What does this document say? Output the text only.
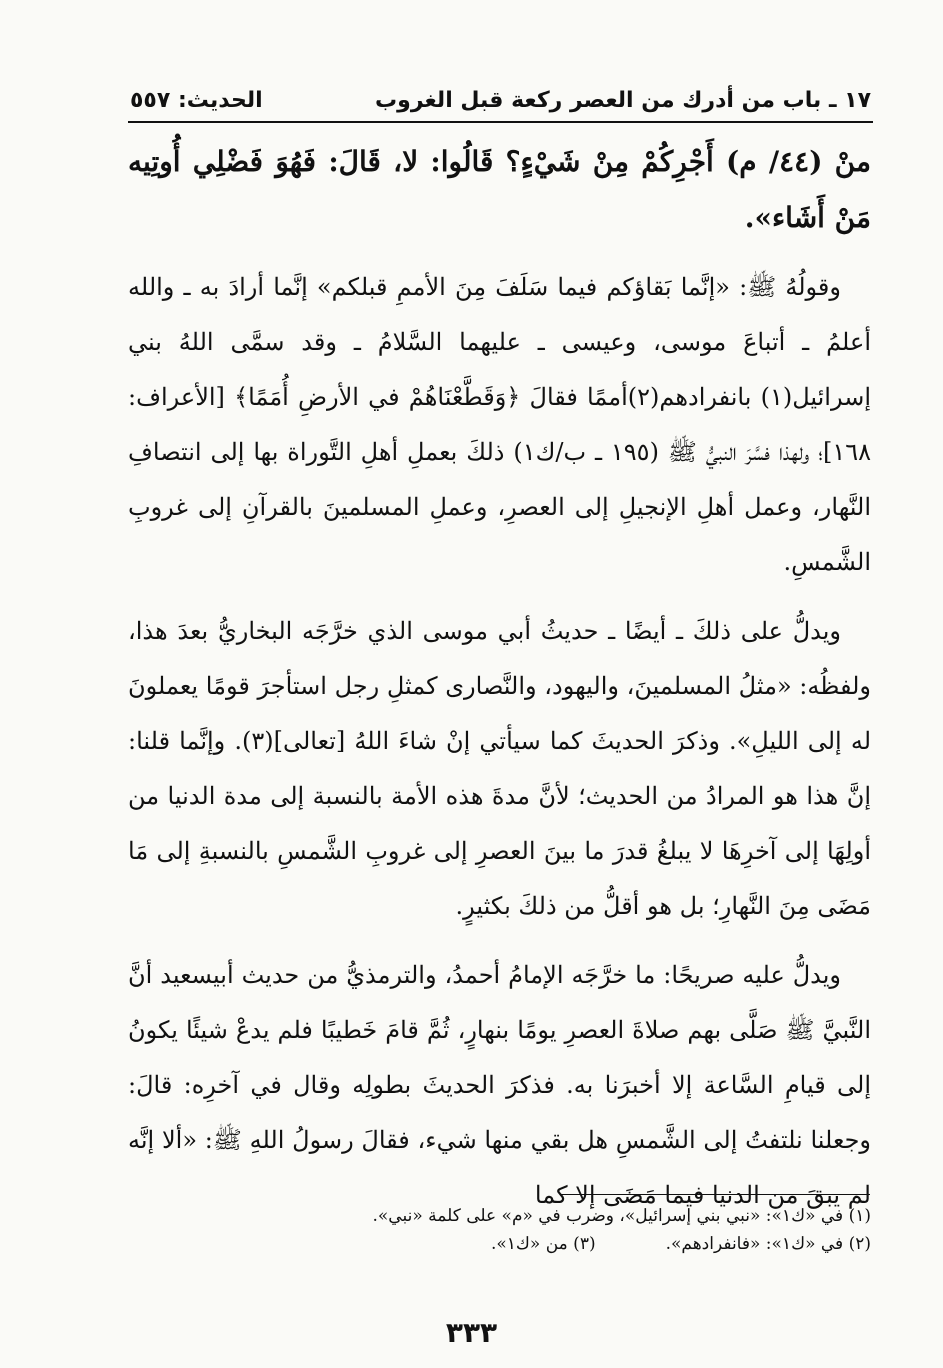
١٧ ـ باب من أدرك من العصر ركعة قبل الغروب
الحديث: ٥٥٧

منْ (٤٤/ م) أَجْرِكُمْ مِنْ شَيْءٍ؟ قَالُوا: لا، قَالَ: فَهُوَ فَضْلِي أُوتِيه مَنْ أَشَاء».

وقولُهُ ﷺ: «إنَّما بَقاؤكم فيما سَلَفَ مِنَ الأممِ قبلكم» إنَّما أرادَ به ـ والله أعلمُ ـ أتباعَ موسى، وعيسى ـ عليهما السَّلامُ ـ وقد سمَّى اللهُ بني إسرائيل(١) بانفرادهم(٢)أممًا فقالَ ﴿وَقَطَّعْنَاهُمْ في الأرضِ أُمَمًا﴾ [الأعراف: ١٦٨]؛ ولهذا فسَّرَ النبيُّ ﷺ (١٩٥ ـ ب/ك١) ذلكَ بعملِ أهلِ التَّوراة بها إلى انتصافِ النَّهار، وعمل أهلِ الإنجيلِ إلى العصرِ، وعملِ المسلمينَ بالقرآنِ إلى غروبِ الشَّمسِ.

ويدلُّ على ذلكَ ـ أيضًا ـ حديثُ أبي موسى الذي خرَّجَه البخاريُّ بعدَ هذا، ولفظُه: «مثلُ المسلمينَ، واليهود، والنَّصارى كمثلِ رجل استأجرَ قومًا يعملونَ له إلى الليلِ». وذكرَ الحديثَ كما سيأتي إنْ شاءَ اللهُ [تعالى](٣). وإنَّما قلنا: إنَّ هذا هو المرادُ من الحديث؛ لأنَّ مدةَ هذه الأمة بالنسبة إلى مدة الدنيا من أولِهَا إلى آخرِهَا لا يبلغُ قدرَ ما بينَ العصرِ إلى غروبِ الشَّمسِ بالنسبةِ إلى مَا مَضَى مِنَ النَّهارِ؛ بل هو أقلُّ من ذلكَ بكثيرٍ.

ويدلُّ عليه صريحًا: ما خرَّجَه الإمامُ أحمدُ، والترمذيُّ من حديث أبيسعيد أنَّ النَّبيَّ ﷺ صَلَّى بهم صلاةَ العصرِ يومًا بنهارٍ، ثُمَّ قامَ خَطيبًا فلم يدعْ شيئًا يكونُ إلى قيامِ السَّاعة إلا أخبرَنا به. فذكرَ الحديثَ بطولِه وقال في آخرِه: قالَ: وجعلنا نلتفتُ إلى الشَّمسِ هل بقي منها شيء، فقالَ رسولُ اللهِ ﷺ: «ألا إنَّه لم يبقَ من الدنيا فيما مَضَى إلا كما

(١) في «ك١»: «نبي بني إسرائيل»، وضرب في «م» على كلمة «نبي».
(٢) في «ك١»: «فانفرادهم».
(٣) من «ك١».
٣٣٣
